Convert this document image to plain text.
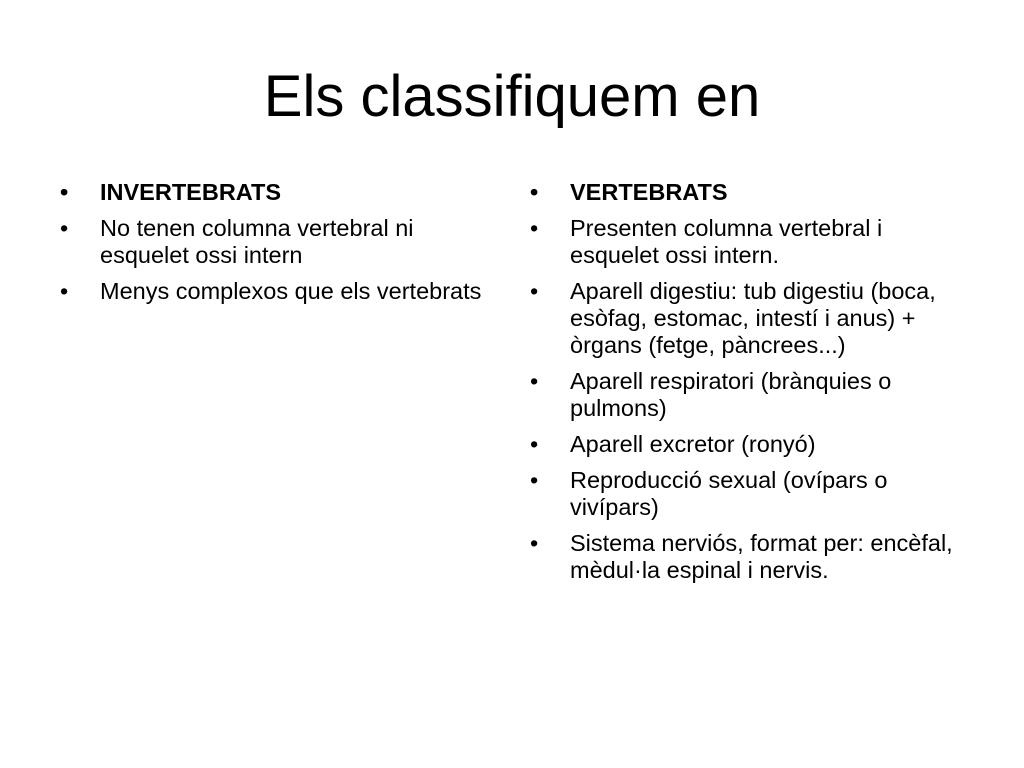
Els classifiquem en
• INVERTEBRATS
• No tenen columna vertebral ni esquelet ossi intern
• Menys complexos que els vertebrats
• VERTEBRATS
• Presenten columna vertebral i esquelet ossi intern.
• Aparell digestiu: tub digestiu (boca, esòfag, estomac, intestí i anus) + òrgans (fetge, pàncrees...)
• Aparell respiratori (brànquies o pulmons)
• Aparell excretor (ronyó)
• Reproducció sexual (ovípars o vivípars)
• Sistema nerviós, format per: encèfal, mèdul·la espinal i nervis.
